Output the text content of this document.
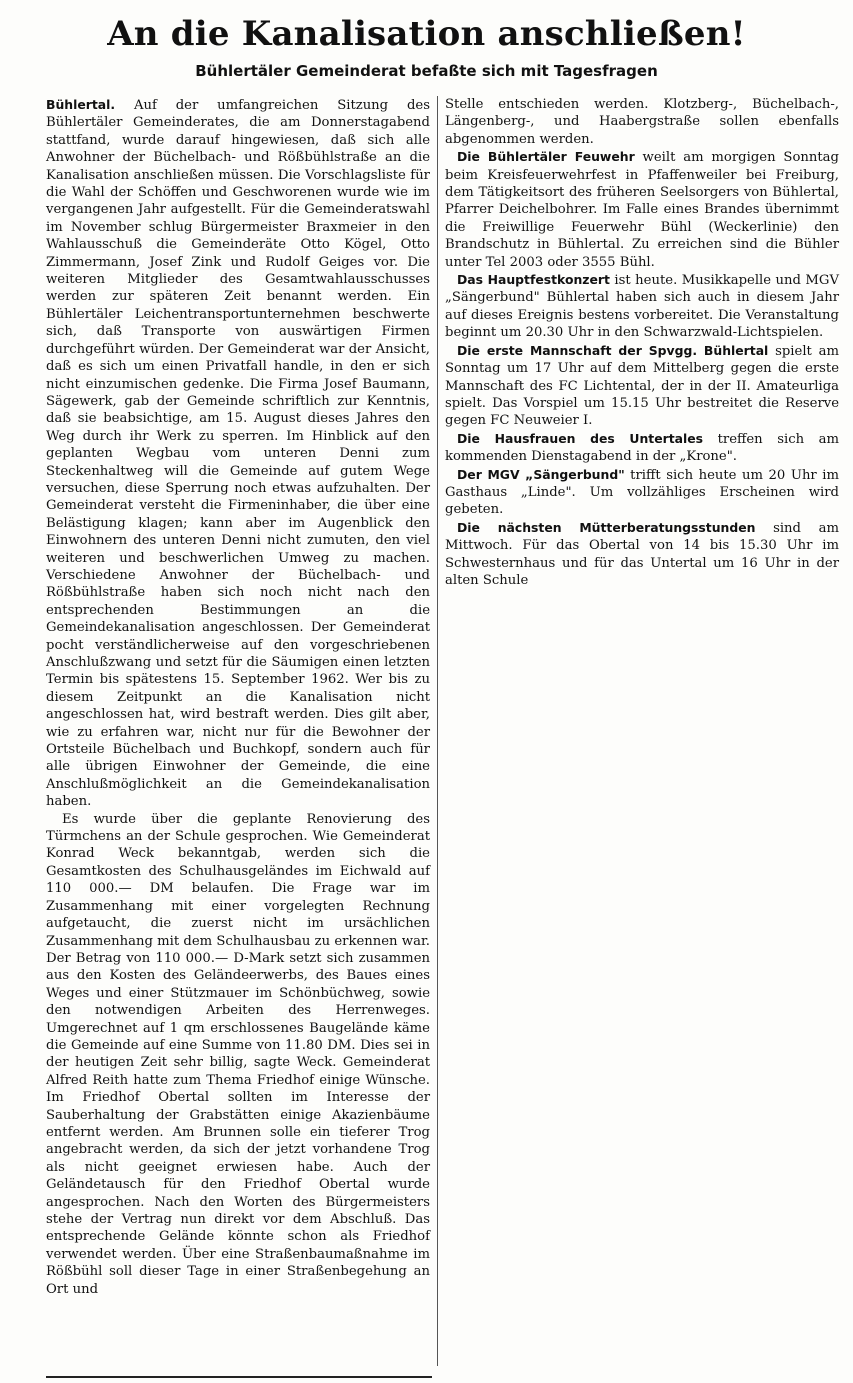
An die Kanalisation anschließen!
Bühlertäler Gemeinderat befaßte sich mit Tagesfragen

Bühlertal. Auf der umfangreichen Sitzung des Bühlertäler Gemeinderates, die am Donnerstagabend stattfand, wurde darauf hingewiesen, daß sich alle Anwohner der Büchelbach- und Rößbühlstraße an die Kanalisation anschließen müssen. Die Vorschlagsliste für die Wahl der Schöffen und Geschworenen wurde wie im vergangenen Jahr aufgestellt. Für die Gemeinderatswahl im November schlug Bürgermeister Braxmeier in den Wahlausschuß die Gemeinderäte Otto Kögel, Otto Zimmermann, Josef Zink und Rudolf Geiges vor. Die weiteren Mitglieder des Gesamtwahlausschusses werden zur späteren Zeit benannt werden. Ein Bühlertäler Leichentransportunternehmen beschwerte sich, daß Transporte von auswärtigen Firmen durchgeführt würden. Der Gemeinderat war der Ansicht, daß es sich um einen Privatfall handle, in den er sich nicht einzumischen gedenke. Die Firma Josef Baumann, Sägewerk, gab der Gemeinde schriftlich zur Kenntnis, daß sie beabsichtige, am 15. August dieses Jahres den Weg durch ihr Werk zu sperren. Im Hinblick auf den geplanten Wegbau vom unteren Denni zum Steckenhaltweg will die Gemeinde auf gutem Wege versuchen, diese Sperrung noch etwas aufzuhalten. Der Gemeinderat versteht die Firmeninhaber, die über eine Belästigung klagen; kann aber im Augenblick den Einwohnern des unteren Denni nicht zumuten, den viel weiteren und beschwerlichen Umweg zu machen. Verschiedene Anwohner der Büchelbach- und Rößbühlstraße haben sich noch nicht nach den entsprechenden Bestimmungen an die Gemeindekanalisation angeschlossen. Der Gemeinderat pocht verständlicherweise auf den vorgeschriebenen Anschlußzwang und setzt für die Säumigen einen letzten Termin bis spätestens 15. September 1962. Wer bis zu diesem Zeitpunkt an die Kanalisation nicht angeschlossen hat, wird bestraft werden. Dies gilt aber, wie zu erfahren war, nicht nur für die Bewohner der Ortsteile Büchelbach und Buchkopf, sondern auch für alle übrigen Einwohner der Gemeinde, die eine Anschlußmöglichkeit an die Gemeindekanalisation haben.

Es wurde über die geplante Renovierung des Türmchens an der Schule gesprochen. Wie Gemeinderat Konrad Weck bekanntgab, werden sich die Gesamtkosten des Schulhausgeländes im Eichwald auf 110 000.— DM belaufen. Die Frage war im Zusammenhang mit einer vorgelegten Rechnung aufgetaucht, die zuerst nicht im ursächlichen Zusammenhang mit dem Schulhausbau zu erkennen war. Der Betrag von 110 000.— D-Mark setzt sich zusammen aus den Kosten des Geländeerwerbs, des Baues eines Weges und einer Stützmauer im Schönbüchweg, sowie den notwendigen Arbeiten des Herrenweges. Umgerechnet auf 1 qm erschlossenes Baugelände käme die Gemeinde auf eine Summe von 11.80 DM. Dies sei in der heutigen Zeit sehr billig, sagte Weck. Gemeinderat Alfred Reith hatte zum Thema Friedhof einige Wünsche. Im Friedhof Obertal sollten im Interesse der Sauberhaltung der Grabstätten einige Akazienbäume entfernt werden. Am Brunnen solle ein tieferer Trog angebracht werden, da sich der jetzt vorhandene Trog als nicht geeignet erwiesen habe. Auch der Geländetausch für den Friedhof Obertal wurde angesprochen. Nach den Worten des Bürgermeisters stehe der Vertrag nun direkt vor dem Abschluß. Das entsprechende Gelände könnte schon als Friedhof verwendet werden. Über eine Straßenbaumaßnahme im Rößbühl soll dieser Tage in einer Straßenbegehung an Ort und

Stelle entschieden werden. Klotzberg-, Büchelbach-, Längenberg-, und Haabergstraße sollen ebenfalls abgenommen werden.

Die Bühlertäler Feuwehr weilt am morgigen Sonntag beim Kreisfeuerwehrfest in Pfaffenweiler bei Freiburg, dem Tätigkeitsort des früheren Seelsorgers von Bühlertal, Pfarrer Deichelbohrer. Im Falle eines Brandes übernimmt die Freiwillige Feuerwehr Bühl (Weckerlinie) den Brandschutz in Bühlertal. Zu erreichen sind die Bühler unter Tel 2003 oder 3555 Bühl.

Das Hauptfestkonzert ist heute. Musikkapelle und MGV „Sängerbund" Bühlertal haben sich auch in diesem Jahr auf dieses Ereignis bestens vorbereitet. Die Veranstaltung beginnt um 20.30 Uhr in den Schwarzwald-Lichtspielen.

Die erste Mannschaft der Spvgg. Bühlertal spielt am Sonntag um 17 Uhr auf dem Mittelberg gegen die erste Mannschaft des FC Lichtental, der in der II. Amateurliga spielt. Das Vorspiel um 15.15 Uhr bestreitet die Reserve gegen FC Neuweier I.

Die Hausfrauen des Untertales treffen sich am kommenden Dienstagabend in der „Krone".

Der MGV „Sängerbund" trifft sich heute um 20 Uhr im Gasthaus „Linde". Um vollzähliges Erscheinen wird gebeten.

Die nächsten Mütterberatungsstunden sind am Mittwoch. Für das Obertal von 14 bis 15.30 Uhr im Schwesternhaus und für das Untertal um 16 Uhr in der alten Schule
